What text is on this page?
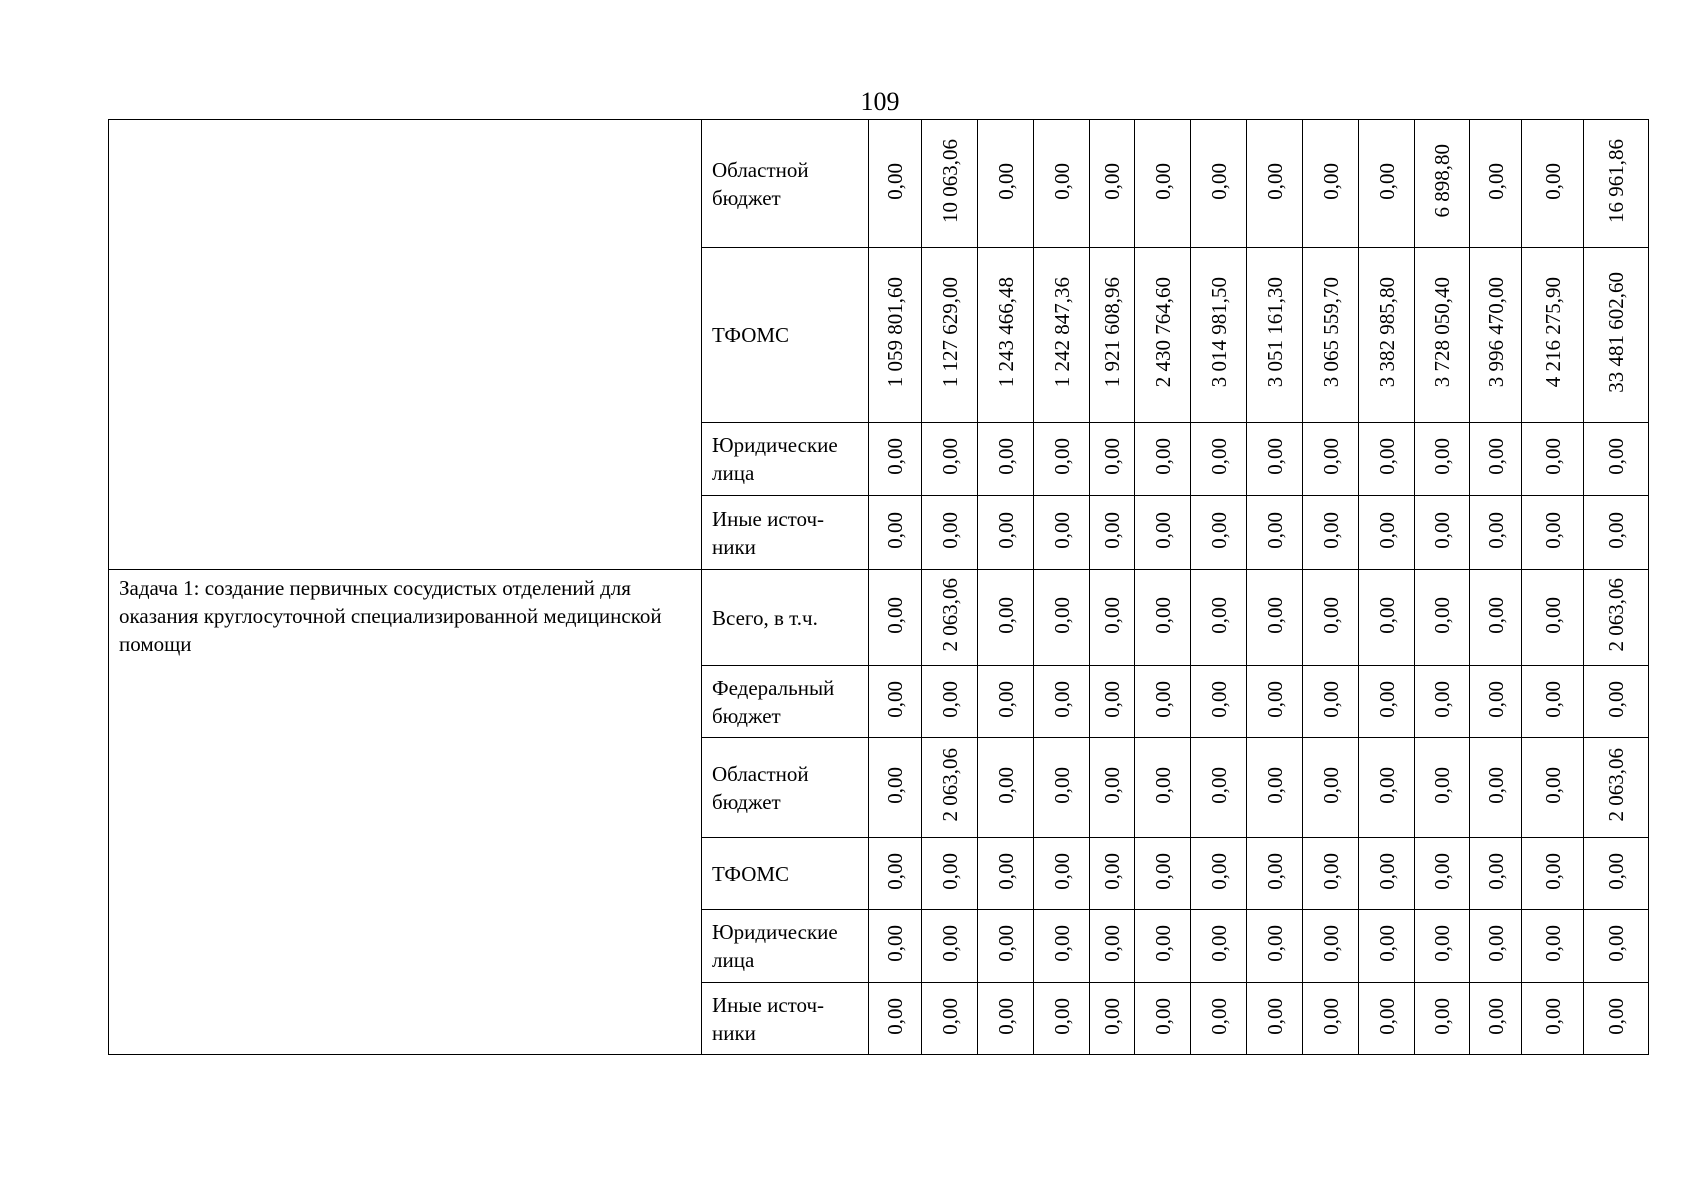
109
	Областной бюджет	0,00	10 063,06	0,00	0,00	0,00	0,00	0,00	0,00	0,00	0,00	6 898,80	0,00	0,00	16 961,86
	ТФОМС	1 059 801,60	1 127 629,00	1 243 466,48	1 242 847,36	1 921 608,96	2 430 764,60	3 014 981,50	3 051 161,30	3 065 559,70	3 382 985,80	3 728 050,40	3 996 470,00	4 216 275,90	33 481 602,60
	Юридические лица	0,00	0,00	0,00	0,00	0,00	0,00	0,00	0,00	0,00	0,00	0,00	0,00	0,00	0,00
	Иные источ-ники	0,00	0,00	0,00	0,00	0,00	0,00	0,00	0,00	0,00	0,00	0,00	0,00	0,00	0,00
Задача 1: создание первичных сосудистых отделений для оказания круглосуточной специализированной медицинской помощи	Всего, в т.ч.	0,00	2 063,06	0,00	0,00	0,00	0,00	0,00	0,00	0,00	0,00	0,00	0,00	0,00	2 063,06
	Федеральный бюджет	0,00	0,00	0,00	0,00	0,00	0,00	0,00	0,00	0,00	0,00	0,00	0,00	0,00	0,00
	Областной бюджет	0,00	2 063,06	0,00	0,00	0,00	0,00	0,00	0,00	0,00	0,00	0,00	0,00	0,00	2 063,06
	ТФОМС	0,00	0,00	0,00	0,00	0,00	0,00	0,00	0,00	0,00	0,00	0,00	0,00	0,00	0,00
	Юридические лица	0,00	0,00	0,00	0,00	0,00	0,00	0,00	0,00	0,00	0,00	0,00	0,00	0,00	0,00
	Иные источ-ники	0,00	0,00	0,00	0,00	0,00	0,00	0,00	0,00	0,00	0,00	0,00	0,00	0,00	0,00
